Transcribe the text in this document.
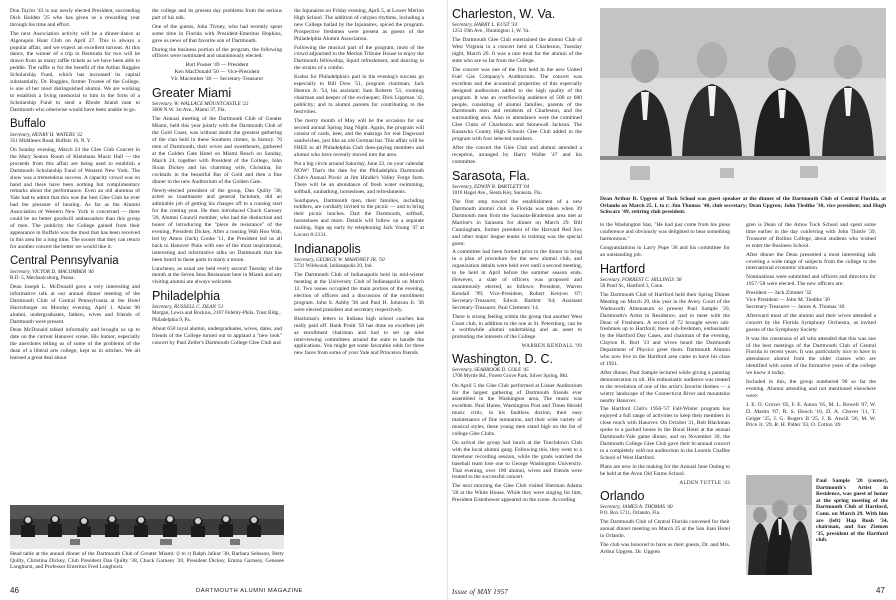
Don Taylor '43 is our newly elected President, succeeding Dick Holden '25 who has given us a rewarding year through his time and effort.

The next Association activity will be a dinner-dance at Algonquin Hunt Club on April 27. This is always a popular affair, and we expect an excellent turnout. At this dance, the winner of a trip to Bermuda for two will be drawn from as many raffle tickets as we have been able to peddle. The raffle is for the benefit of the Arthur Ruggles Scholarship Fund, which has increased its capital substantially. Dr. Ruggles, former Trustee of the College, is one of her most distinguished alumni. We are working to establish a living memorial to him in the form of a Scholarship Fund to send a Rhode Island man to Dartmouth who otherwise would have been unable to go.

Buffalo
Secretary, HENRY H. WATERS '32
351 Middlesex Road, Buffalo 16, N. Y.

On Sunday evening, March 24 the Glee Club Concert in the Mary Seaton Room of Kleinhans Music Hall — the proceeds from this affair are being used to establish a Dartmouth Scholarship Fund of Western New York. The show was a tremendous success. A capacity crowd was on hand and there have been nothing but complimentary remarks about the performance. Even an old alumnus of Yale had to admit that this was the best Glee Club he ever had the pleasure of hearing. As far as the Alumni Association of Western New York is concerned — there could be no better goodwill ambassadors than this group of men. The publicity the College gained from their appearance in Buffalo was the most that has been received in this area for a long time. The sooner that they can return for another concert the better we would like it.

Central Pennsylvania
Secretary, VICTOR D. MACOMBER '46
R.D. 5, Mechanicsburg, Penna.

Dean Joseph L. McDonald gave a very interesting and informative talk at our annual dinner meeting of the Dartmouth Club of Central Pennsylvania at the Hotel Harrisburger on Monday evening, April 1. About 90 alumni, undergraduates, fathers, wives and friends of Dartmouth were present.

Dean McDonald talked informally and brought us up to date on the current Hanover scene. His humor, especially the anecdotes telling us of some of the problems of the dean of a liberal arts college, kept us in stitches. We all learned a great deal about

the college and its present day problems from the serious part of his talk.

One of the guests, John Tivney, who had recently spent some time in Florida with President-Emeritus Hopkins, gave us news of that favorite son of Dartmouth.

During the business portion of the program, the following officers were nominated and unanimously elected:

Burt Posner '49 — President

Ken MacDonald '50 — Vice-President

Vic Macomber '46 — Secretary-Treasurer

Greater Miami
Secretary, W. WALLACE MOUNTCASTLE '22
3600 N.W. 1st Ave., Miami 37, Fla.

The Annual meeting of the Dartmouth Club of Greater Miami, held this year jointly with the Dartmouth Club of the Gold Coast, was without doubt the greatest gathering of the clan held in these Southern climes, in history. 76 men of Dartmouth, their wives and sweethearts, gathered at the Golden Gate Hotel on Miami Beach on Sunday, March 24, together with President of the College, John Sloan Dickey and his charming wife, Christina, for cocktails in the beautiful Bar of Gold and then a fine dinner in the new Auditorium of the Golden Gate.

Newly-elected president of the group, Dan Quilty '38, acted as toastmaster and general factotum, did an admirable job of getting his charges off to a rousing start for the coming year. He then introduced Chuck Garnsey '20, Alumni Council member, who had the distinction and honor of introducing the "piece de resistance" of the evening, President Dickey. After a rousing Wah Hoo Wah, led by Amos (Jack) Cooke '11, the President led us all back to Hanover Plain with one of the most inspirational, interesting and informative talks on Dartmouth that has been heard in these parts in many a moon.

Luncheon, as usual are held every second Tuesday of the month at the Seven Seas Restaurant here in Miami and any visiting alumni are always welcome.

Philadelphia
Secretary, RUSSELL C. DEAN '51
Morgan, Lewis and Bockius, 2107 Fidelity-Phila. Trust Bldg., Philadelphia 9, Pa.

About 650 loyal alumni, undergraduates, wives, dates, and friends of the College turned out to applaud a "new look" concert by Paul Zeller's Dartmouth College Glee Club and

the Injunaires on Friday evening, April 5, at Lower Merion High School. The addition of calypso rhythms, including a new College ballad by the Injunaires, spiced the program. Prospective freshmen were present as guests of the Philadelphia Alumni Association.

Following the musical part of the program, most of the crowd adjourned to the Merion Tribune House to enjoy the Dartmouth fellowship, liquid refreshment, and dancing to the strains of a combo.

Kudos for Philadelphia's part in the evening's success go especially to Bill Dow '51, program chairman; Jack Henton Jr. '54, his assistant; Sam Roberts '51, rooming chairman and keeper of the exchequer; Dick Lippman '42, publicity; and to alumni parents for contributing to the festivities.

The merry month of May will be the occasion for our second annual Spring Stag Night. Again, the program will consist of cards, beer, and the makings for real Dagwood sandwiches, just like an old German bar. This affair will be FREE to all Philadelphia Club dues-paying members and alumni who have recently moved into the area.

Put a big circle around Saturday, June 22, on your calendar NOW! That's the date for the Philadelphia Dartmouth Club's Annual Picnic at Jim Hindle's Valley Forge farm. There will be an abundance of fresh water swimming, softball, sunbathing, horseshoes, and refreshments.

Southpaws, Dartmouth men, their families, including toddlers, are cordially invited to the picnic — and to bring their picnic lunches. Dart the Dartmouth, softball, horseshoes and more. Details will follow on a separate mailing. Sign up early by telephoning Jack Young '47 at Locust 8-2131.

Indianapolis
Secretary, GEORGE W. MAHONEY JR. '50
5731 Wildwood, Indianapolis 20, Ind.

The Dartmouth Club of Indianapolis held its mid-winter meeting at the University Club of Indianapolis on March 12. Two issues occupied the main portion of the evening, election of officers and a discussion of the enrollment program. John S. Ashby '36 and Paul H. Johnson Jr. '36 were elected president and secretary respectively.

Blackman's letters to Indiana high school coaches has really paid off. Hank Pruitt '59 has done an excellent job as enrollment chairman and had to set up nine interviewing committees around the state to handle the applications. You might get some favorable odds for three new faces from some of your Yale and Princeton friends.

Head table at the annual dinner of the Dartmouth Club of Greater Miami: (l to r) Ralph Jalkut '38, Barbara Sehsson, Betty Quilty, Christina Dickey, Club President Dan Quilty '38, Chuck Garnsey '20, President Dickey, Emma Garnsey, Genesee Longhurst, and Professor Emeritus Fred Longhurst.
46	DARTMOUTH ALUMNI MAGAZINE
Charleston, W. Va.
Secretary, HARRY L. KUST '34
1253 19th Ave., Huntington 1, W. Va.

The Dartmouth Glee Club entertained the alumni Club of West Virginia in a concert held at Charleston, Tuesday night, March 26. It was a rare treat for the alumni of the state who are so far from the College.

The concert was one of the first held in the new United Fuel Gas Company's Auditorium. The concert was excellent and the acoustical properties of this especially designed auditorium added to the high quality of the program. It was an overflowing audience of 500 or 600 people, consisting of alumni families, parents of the Dartmouth men and residents of Charleston, and the surrounding area. Also in attendance were the combined Glee Clubs of Charleston and Stonewall Jackson. The Kanawha County High Schools Glee Club added to the program with four selected numbers.

After the concert the Glee Club and alumni attended a reception, arranged by Harry Waller '47 and his committee.

Sarasota, Fla.
Secretary, EDWIN R. BARTLETT '04
1016 Hagel Ave., Siesta Key, Sarasota, Fla.

The first step toward the establishment of a new Dartmouth alumni club in Florida was taken when 39 Dartmouth men from the Sarasota-Bradenton area met at Martine's in Sarasota for dinner on March 29. Bill Cunningham, former president of the Harvard Red Sox and other major league teams in training was the special guest.

A committee had been formed prior to the dinner to bring in a plan of procedure for the new alumni club, and organization details were held over until a second meeting, to be held in April before the summer season ends. However, a slate of officers was proposed and unanimously elected, as follows: President, Warren Kendall '99; Vice-President, Robert Kenyon '07; Secretary-Treasurer, Edwin Bartlett '04; Assistant Secretary-Treasurer, Paul Clements '14.

There is strong feeling within the group that another West Coast club, in addition to the one at St. Petersburg, can be a worthwhile alumni undertaking and an asset to promoting the interests of the College.

WARREN KENDALL '99
Washington, D. C.
Secretary, SEABROOK D. COLE '45
1706 Myrtle Rd., Forest Grove Park, Silver Spring, Md.

On April 5 the Glee Club performed at Lisner Auditorium for the largest gathering of Dartmouth friends ever assembled in the Washington area. The music was excellent. Paul Hume, Washington Post and Times Herald music critic, in his faultless diction, their easy maintenance of fine intonation, and their wide variety of musical styles, these young men stand high on the list of college Glee Clubs.

On arrival the group had lunch at the Touchdown Club with the local alumni gang. Following this, they went to a threehour recording session, while the grads watched the baseball team lose one to George Washington University. That evening, over 100 alumni, wives and friends were treated to the successful concert.

The next morning the Glee Club visited Sherman Adams '20 at the White House. While they were singing for him, President Eisenhower appeared on the scene. According

Dean Arthur R. Upgren of Tuck School was guest speaker at the dinner of the Dartmouth Club of Central Florida, at Orlando on March 25. L to r: Jim Thomas '40, club secretary; Dean Upgren; John Tiedtke '30, vice president; and Hugh Schwarz '49, retiring club president.

to the Washington Star, "He had just come from his press conference and obviously was delighted to hear something harmonious."

Congratulations to Larry Pope '38 and his committee for an outstanding job.

Hartford
Secretary, FORREST C. HILLINGS '38
58 Pearl St., Hartford 3, Conn.

The Dartmouth Club of Hartford held their Spring Dinner Meeting on March 29, this year in the Avery Court of the Wadsworth Athenaeum to present Paul Sample '20, Dartmouth's Artist in Residence, and to meet with the Dean of Freshmen. A record of 72 brought seven sub-freshmen up to Hartford; these sub-freshmen, enthusiastic by the Hartford Day Cases, and chairman of the evening, Clayton R. Burt '13 and wives heard the Dartmouth Department of Physics greet them. Dartmouth Alumni who now live in the Hartford area came to have his class of 1921.

After dinner, Paul Sample lectured while giving a painting demonstration in oil. His enthusiastic audience was treated to the revelation of one of the artist's favorite themes — a wintry landscape of the Connecticut River and mountains nearby Hanover.

The Hartford Club's 1956-'57 Fall-Winter program has enjoyed a full range of activities to keep their members in close touch with Hanover. On October 31, Bob Blackman spoke to a packed house in the Bond Hotel at the annual Dartmouth-Yale game dinner, and on November 30, the Dartmouth College Glee Club gave their bi-annual concert to a completely sold out auditorium in the Loomis Chaffee School of West Hartford.

Plans are now in the making for the Annual June Outing to be held at the Avon Old Farms School.

ALDEN TUTTLE '43
Orlando
Secretary, JAMES A. THOMAS '40
P.O. Box 5711, Orlando, Fla.

The Dartmouth Club of Central Florida convened for their annual dinner meeting on March 25 at the San Juan Hotel in Orlando.

The club was honored to have as their guests, Dr. and Mrs. Arthur Upgren. Dr. Upgren

gren is Dean of the Amos Tuck School and spent some time earlier in the day conferring with John Thistle '39, Treasurer of Rollins College, about students who wished to enter the Business School.

After dinner the Dean presented a most interesting talk covering a wide range of subjects from the college to the international economic situation.

Nominations were submitted and officers and directors for 1957-'58 were elected. The new officers are:

President — Jack Zimmer '32

Vice President — John M. Tiedtke '30

Secretary-Treasurer — James A. Thomas '40

Afterward most of the alumni and their wives attended a concert by the Florida Symphony Orchestra, as invited guests of the Symphony Society.

It was the consensus of all who attended that this was one of the best meetings of the Dartmouth Club of Central Florida in recent years. It was particularly nice to have in attendance alumni from the older classes who are identified with some of the formative years of the college we know it today.

Included in this, the group numbered 90 so far the evening. Alumni attending and not mentioned elsewhere were:

J. E. O. Grover '05, F. E. Auton '05, M. L. Bowell '07, W. D. Martin '07, R. S. Hooch '10, D. A. Chover '11, T. Geiger '25, J. G. Rogers II '25, J. R. Atwill '26, M. W. Price Jr. '29, R. H. Palter '33, O. Cotton '49

Paul Sample '20 (center), Dartmouth's Artist in Residence, was guest of honor at the spring meeting of the Dartmouth Club of Hartford, Conn. on March 29. With him are (left) Hap Bush '34, chairman, and Sax Ziemen '35, president of the Hartford club.
Issue of MAY 1957	47
